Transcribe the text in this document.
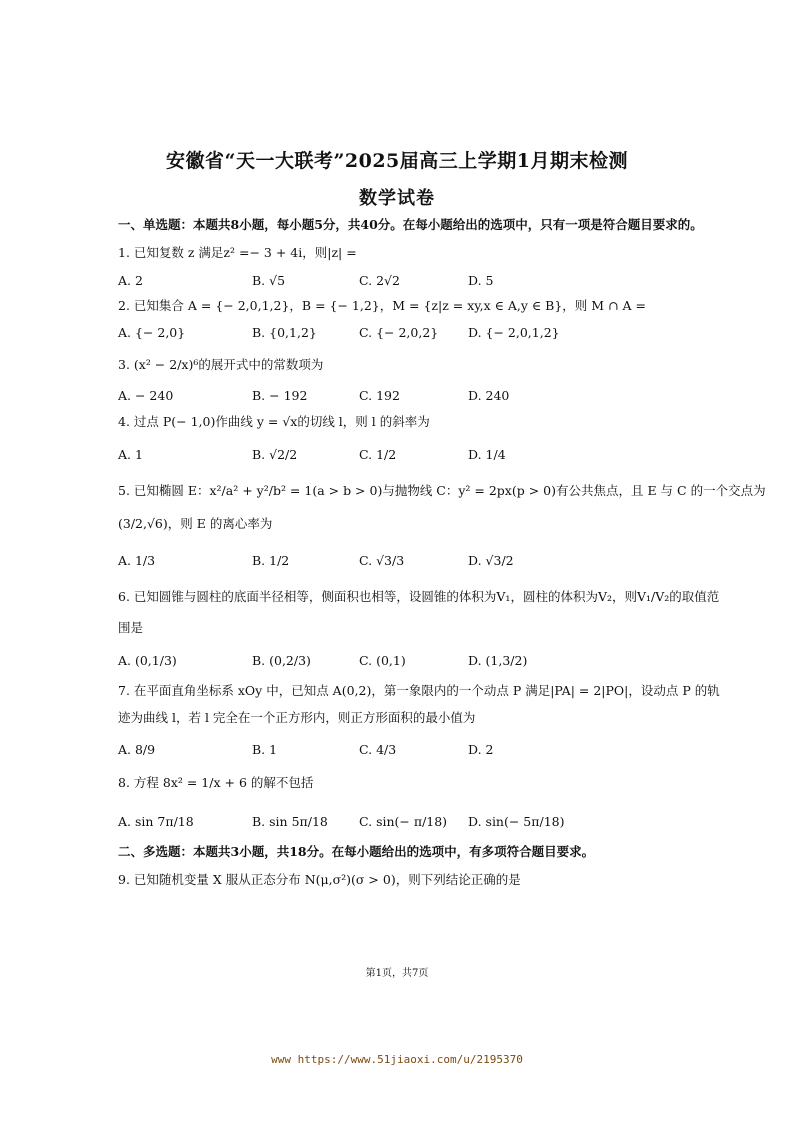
安徽省“天一大联考”2025届高三上学期1月期末检测
数学试卷
一、单选题：本题共8小题，每小题5分，共40分。在每小题给出的选项中，只有一项是符合题目要求的。
1. 已知复数 z 满足z² =− 3 + 4i，则|z| =
A. 2	B. √5	C. 2√2	D. 5
2. 已知集合 A = {− 2,0,1,2}，B = {− 1,2}，M = {z|z = xy,x ∈ A,y ∈ B}，则 M ∩ A =
A. {− 2,0}	B. {0,1,2}	C. {− 2,0,2} D. {− 2,0,1,2}
3. (x² − 2/x)⁶的展开式中的常数项为
A. − 240	B. − 192	C. 192	D. 240
4. 过点 P(− 1,0)作曲线 y = √x的切线 l，则 l 的斜率为
A. 1	B. √2/2	C. 1/2	D. 1/4
5. 已知椭圆 E：x²/a² + y²/b² = 1(a > b > 0)与抛物线 C：y² = 2px(p > 0)有公共焦点，且 E 与 C 的一个交点为
(3/2,√6)，则 E 的离心率为
A. 1/3	B. 1/2	C. √3/3	D. √3/2
6. 已知圆锥与圆柱的底面半径相等，侧面积也相等，设圆锥的体积为V₁，圆柱的体积为V₂，则V₁/V₂的取值范
围是
A. (0,1/3)	B. (0,2/3)	C. (0,1)	D. (1,3/2)
7. 在平面直角坐标系 xOy 中，已知点 A(0,2)，第一象限内的一个动点 P 满足|PA| = 2|PO|，设动点 P 的轨
迹为曲线 l，若 l 完全在一个正方形内，则正方形面积的最小值为
A. 8/9	B. 1	C. 4/3	D. 2
8. 方程 8x² = 1/x + 6 的解不包括
A. sin 7π/18	B. sin 5π/18 C. sin(− π/18) D. sin(− 5π/18)
二、多选题：本题共3小题，共18分。在每小题给出的选项中，有多项符合题目要求。
9. 已知随机变量 X 服从正态分布 N(μ,σ²)(σ > 0)，则下列结论正确的是
第1页，共7页
www https://www.51jiaoxi.com/u/2195370
